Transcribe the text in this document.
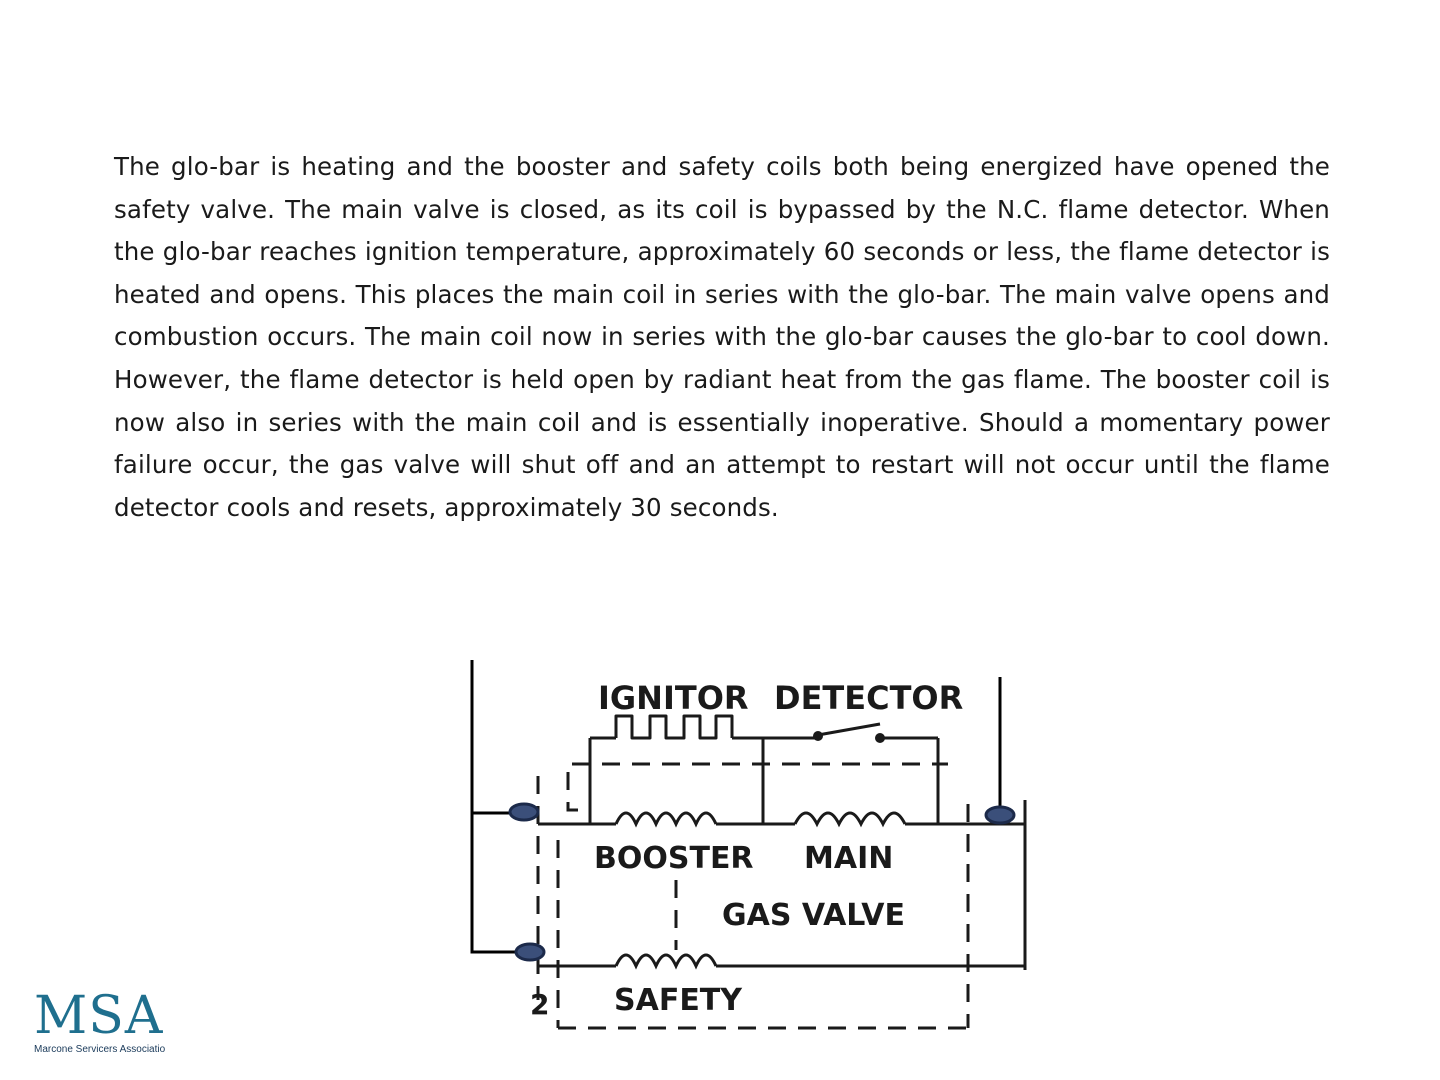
The glo-bar is heating and the booster and safety coils both being energized have opened the safety valve. The main valve is closed, as its coil is bypassed by the N.C. flame detector. When the glo-bar reaches ignition temperature, approximately 60 seconds or less, the flame detector is heated and opens. This places the main coil in series with the glo-bar. The main valve opens and combustion occurs. The main coil now in series with the glo-bar causes the glo-bar to cool down. However, the flame detector is held open by radiant heat from the gas flame. The booster coil is now also in series with the main coil and is essentially inoperative. Should a momentary power failure occur, the gas valve will shut off and an attempt to restart will not occur until the flame detector cools and resets, approximately 30 seconds.

IGNITOR DETECTOR
BOOSTER MAIN
GAS VALVE
SAFETY
2
MSA
Marcone Servicers Associatio
